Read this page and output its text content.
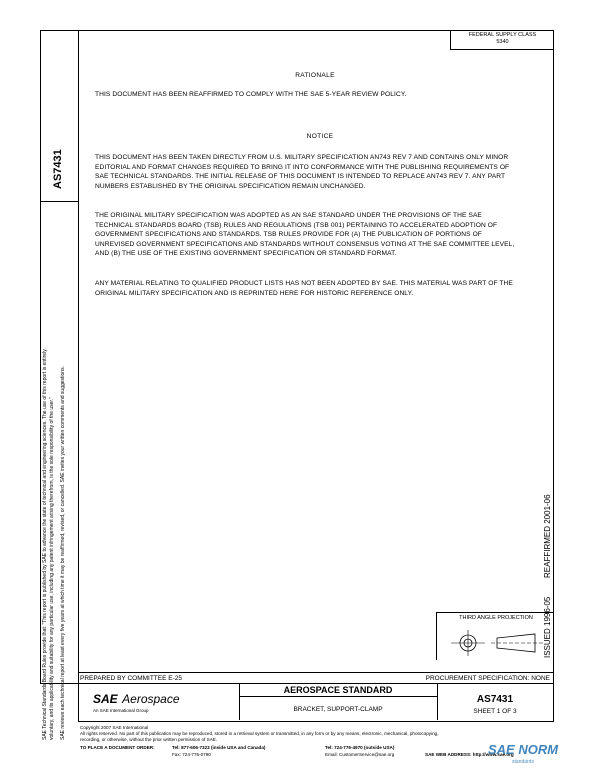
AS7431
SAE Technical Standards Board Rules provide that: "This report is published by SAE to advance the state of technical and engineering sciences. The use of this report is entirely voluntary, and its applicability and suitability for any particular use, including any patent infringement arising therefrom, is the sole responsibility of the user." SAE reviews each technical report at least every five years at which time it may be reaffirmed, revised, or cancelled. SAE invites your written comments and suggestions.
FEDERAL SUPPLY CLASS
5340
RATIONALE
THIS DOCUMENT HAS BEEN REAFFIRMED TO COMPLY WITH THE SAE 5-YEAR REVIEW POLICY.
NOTICE
THIS DOCUMENT HAS BEEN TAKEN DIRECTLY FROM U.S. MILITARY SPECIFICATION AN743 REV 7 AND CONTAINS ONLY MINOR EDITORIAL AND FORMAT CHANGES REQUIRED TO BRING IT INTO CONFORMANCE WITH THE PUBLISHING REQUIREMENTS OF SAE TECHNICAL STANDARDS. THE INITIAL RELEASE OF THIS DOCUMENT IS INTENDED TO REPLACE AN743 REV 7. ANY PART NUMBERS ESTABLISHED BY THE ORIGINAL SPECIFICATION REMAIN UNCHANGED.
THE ORIGINAL MILITARY SPECIFICATION WAS ADOPTED AS AN SAE STANDARD UNDER THE PROVISIONS OF THE SAE TECHNICAL STANDARDS BOARD (TSB) RULES AND REGULATIONS (TSB 001) PERTAINING TO ACCELERATED ADOPTION OF GOVERNMENT SPECIFICATIONS AND STANDARDS. TSB RULES PROVIDE FOR (A) THE PUBLICATION OF PORTIONS OF UNREVISED GOVERNMENT SPECIFICATIONS AND STANDARDS WITHOUT CONSENSUS VOTING AT THE SAE COMMITTEE LEVEL, AND (B) THE USE OF THE EXISTING GOVERNMENT SPECIFICATION OR STANDARD FORMAT.
ANY MATERIAL RELATING TO QUALIFIED PRODUCT LISTS HAS NOT BEEN ADOPTED BY SAE. THIS MATERIAL WAS PART OF THE ORIGINAL MILITARY SPECIFICATION AND IS REPRINTED HERE FOR HISTORIC REFERENCE ONLY.
REAFFIRMED 2001-06
ISSUED 1996-05
THIRD ANGLE PROJECTION
PREPARED BY COMMITTEE E-25	PROCUREMENT SPECIFICATION: NONE
SAE Aerospace
An SAE International Group
AEROSPACE STANDARD
BRACKET, SUPPORT-CLAMP
AS7431
SHEET 1 OF 3
Copyright 2007 SAE International
All rights reserved. No part of this publication may be reproduced, stored in a retrieval system or transmitted, in any form or by any means, electronic, mechanical, photocopying,
recording, or otherwise, without the prior written permission of SAE.
TO PLACE A DOCUMENT ORDER:	Tel: 877-606-7323 (inside USA and Canada)	Tel: 724-776-4970 (outside USA)
Fax: 724-776-0790	Email: CustomerService@sae.org	SAE WEB ADDRESS: http://www.sae.org
SAE NORM
standards
